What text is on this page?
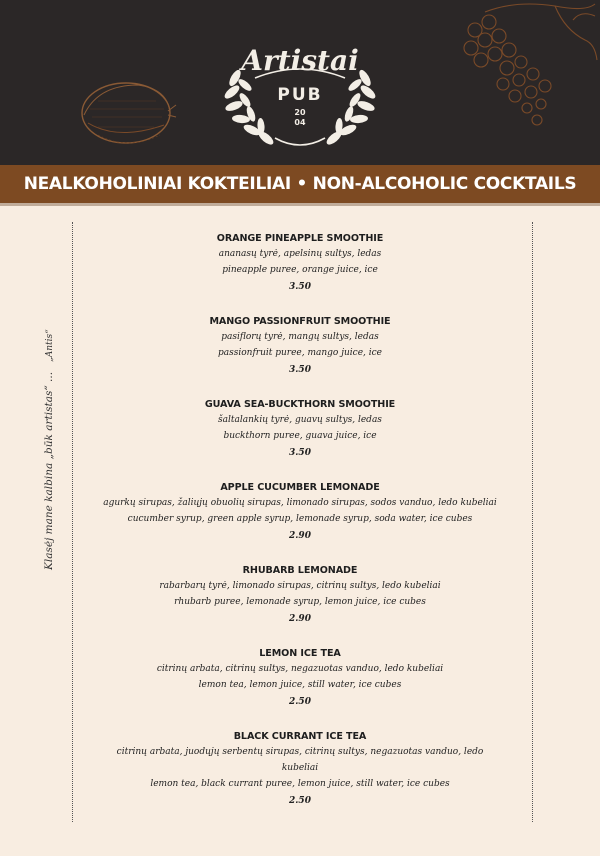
Artistai
PUB
20
04
NEALKOHOLINIAI KOKTEILIAI • NON-ALCOHOLIC COCKTAILS
Klasėj mane kalbina „būk artistas“ ...   „Antis“
ORANGE PINEAPPLE SMOOTHIE
ananasų tyrė, apelsinų sultys, ledas
pineapple puree, orange juice, ice
3.50
MANGO PASSIONFRUIT SMOOTHIE
pasiflorų tyrė, mangų sultys, ledas
passionfruit puree, mango juice, ice
3.50
GUAVA SEA-BUCKTHORN SMOOTHIE
šaltalankių tyrė, guavų sultys, ledas
buckthorn puree, guava juice, ice
3.50
APPLE CUCUMBER LEMONADE
agurkų sirupas, žaliųjų obuolių sirupas, limonado sirupas, sodos vanduo, ledo kubeliai
cucumber syrup, green apple syrup, lemonade syrup, soda water, ice cubes
2.90
RHUBARB LEMONADE
rabarbarų tyrė, limonado sirupas, citrinų sultys, ledo kubeliai
rhubarb puree, lemonade syrup, lemon juice, ice cubes
2.90
LEMON ICE TEA
citrinų arbata, citrinų sultys, negazuotas vanduo, ledo kubeliai
lemon tea, lemon juice, still water, ice cubes
2.50
BLACK CURRANT ICE TEA
citrinų arbata, juodųjų serbentų sirupas, citrinų sultys, negazuotas vanduo, ledo kubeliai
lemon tea, black currant puree, lemon juice, still water, ice cubes
2.50
